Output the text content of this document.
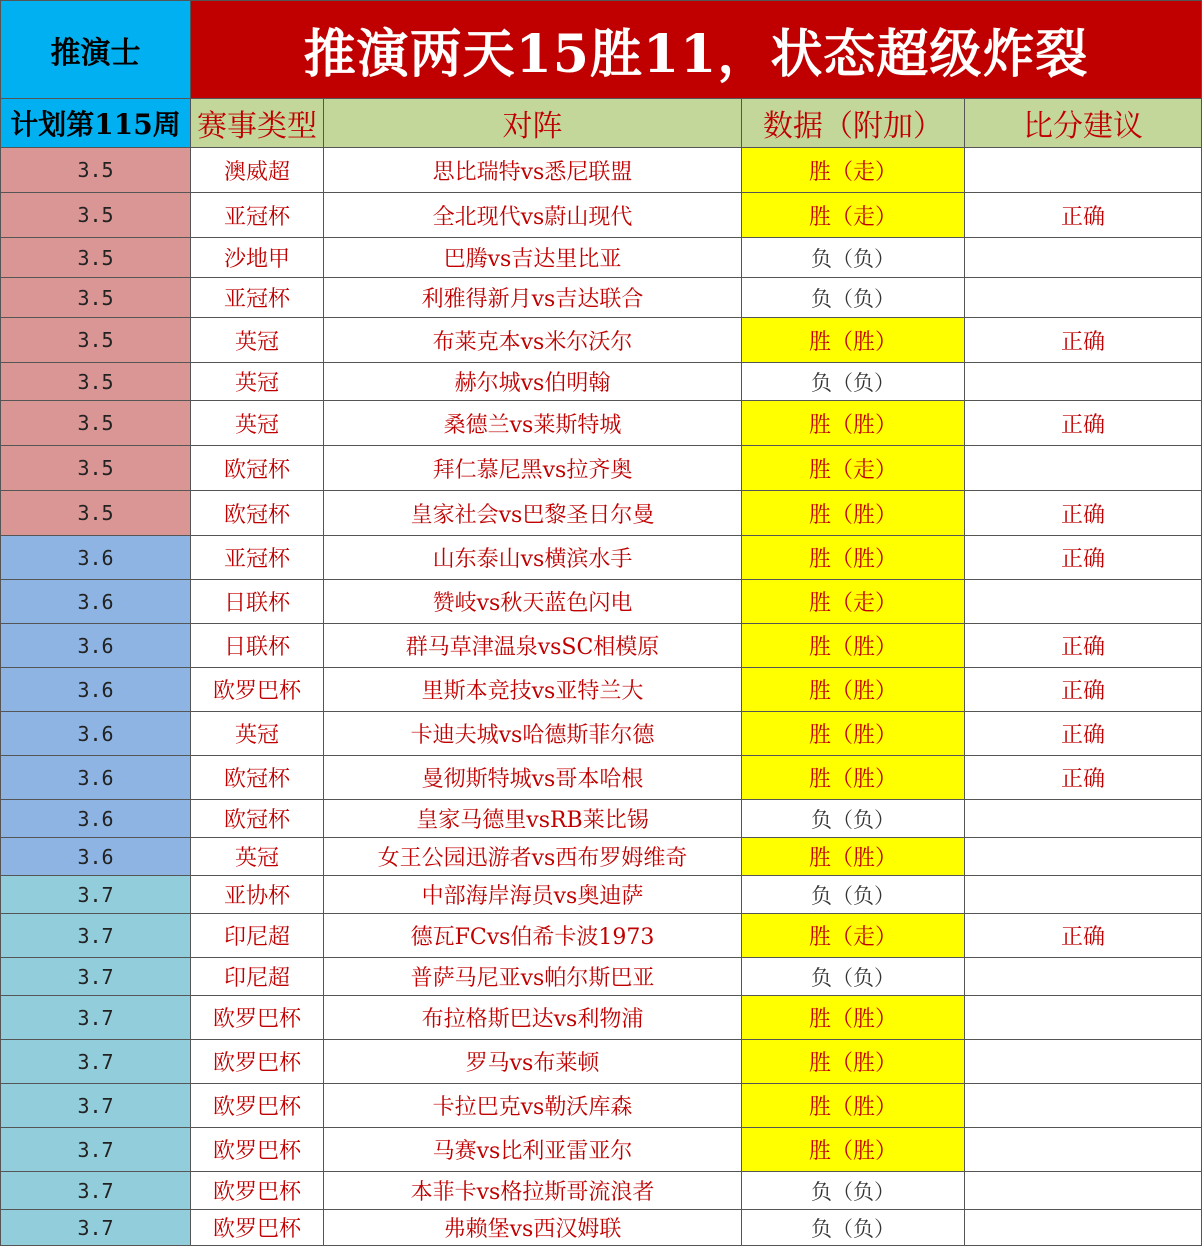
推演士	推演两天15胜11，状态超级炸裂			
计划第115周	赛事类型	对阵	数据（附加）	比分建议
3.5	澳威超	思比瑞特vs悉尼联盟	胜（走）	
3.5	亚冠杯	全北现代vs蔚山现代	胜（走）	正确
3.5	沙地甲	巴腾vs吉达里比亚	负（负）	
3.5	亚冠杯	利雅得新月vs吉达联合	负（负）	
3.5	英冠	布莱克本vs米尔沃尔	胜（胜）	正确
3.5	英冠	赫尔城vs伯明翰	负（负）	
3.5	英冠	桑德兰vs莱斯特城	胜（胜）	正确
3.5	欧冠杯	拜仁慕尼黑vs拉齐奥	胜（走）	
3.5	欧冠杯	皇家社会vs巴黎圣日尔曼	胜（胜）	正确
3.6	亚冠杯	山东泰山vs横滨水手	胜（胜）	正确
3.6	日联杯	赞岐vs秋天蓝色闪电	胜（走）	
3.6	日联杯	群马草津温泉vsSC相模原	胜（胜）	正确
3.6	欧罗巴杯	里斯本竞技vs亚特兰大	胜（胜）	正确
3.6	英冠	卡迪夫城vs哈德斯菲尔德	胜（胜）	正确
3.6	欧冠杯	曼彻斯特城vs哥本哈根	胜（胜）	正确
3.6	欧冠杯	皇家马德里vsRB莱比锡	负（负）	
3.6	英冠	女王公园迅游者vs西布罗姆维奇	胜（胜）	
3.7	亚协杯	中部海岸海员vs奥迪萨	负（负）	
3.7	印尼超	德瓦FCvs伯希卡波1973	胜（走）	正确
3.7	印尼超	普萨马尼亚vs帕尔斯巴亚	负（负）	
3.7	欧罗巴杯	布拉格斯巴达vs利物浦	胜（胜）	
3.7	欧罗巴杯	罗马vs布莱顿	胜（胜）	
3.7	欧罗巴杯	卡拉巴克vs勒沃库森	胜（胜）	
3.7	欧罗巴杯	马赛vs比利亚雷亚尔	胜（胜）	
3.7	欧罗巴杯	本菲卡vs格拉斯哥流浪者	负（负）	
3.7	欧罗巴杯	弗赖堡vs西汉姆联	负（负）	
